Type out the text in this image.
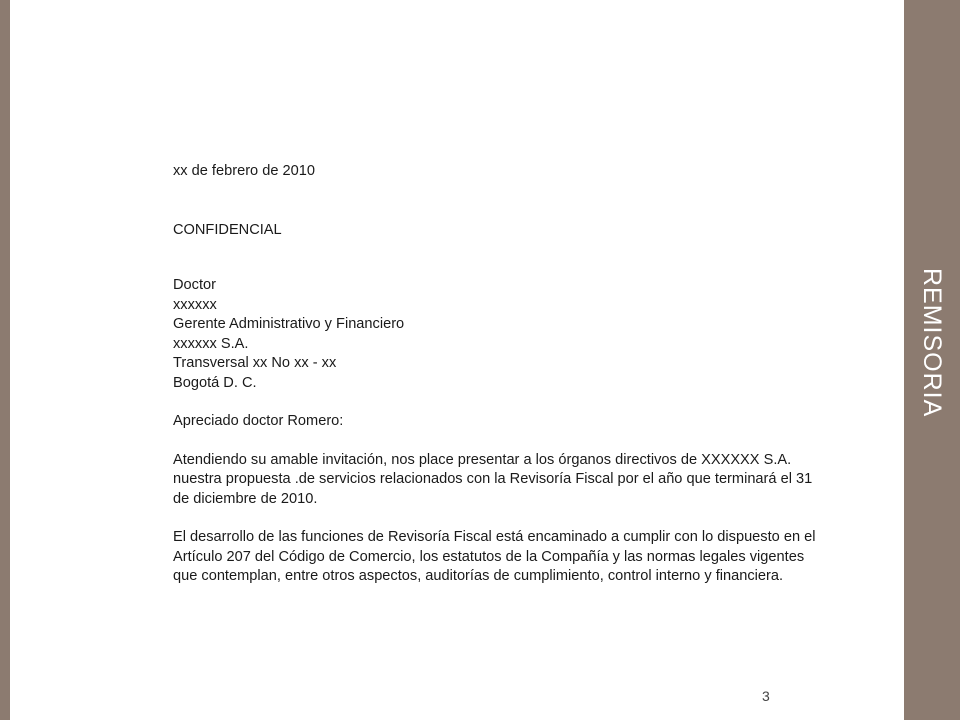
REMISORIA

xx de febrero de 2010

CONFIDENCIAL

Doctor

xxxxxx

Gerente Administrativo y Financiero

xxxxxx S.A.

Transversal xx No xx - xx

Bogotá D. C.

Apreciado doctor Romero:

Atendiendo su amable invitación, nos place presentar a los órganos directivos de XXXXXX S.A. nuestra propuesta .de servicios relacionados con la Revisoría Fiscal por el año que terminará el 31 de diciembre de 2010.

El desarrollo de las funciones de Revisoría Fiscal está encaminado a cumplir con lo dispuesto en el Artículo 207 del Código de Comercio, los estatutos de la Compañía y las normas legales vigentes que contemplan, entre otros aspectos, auditorías de cumplimiento, control interno y financiera.

3
